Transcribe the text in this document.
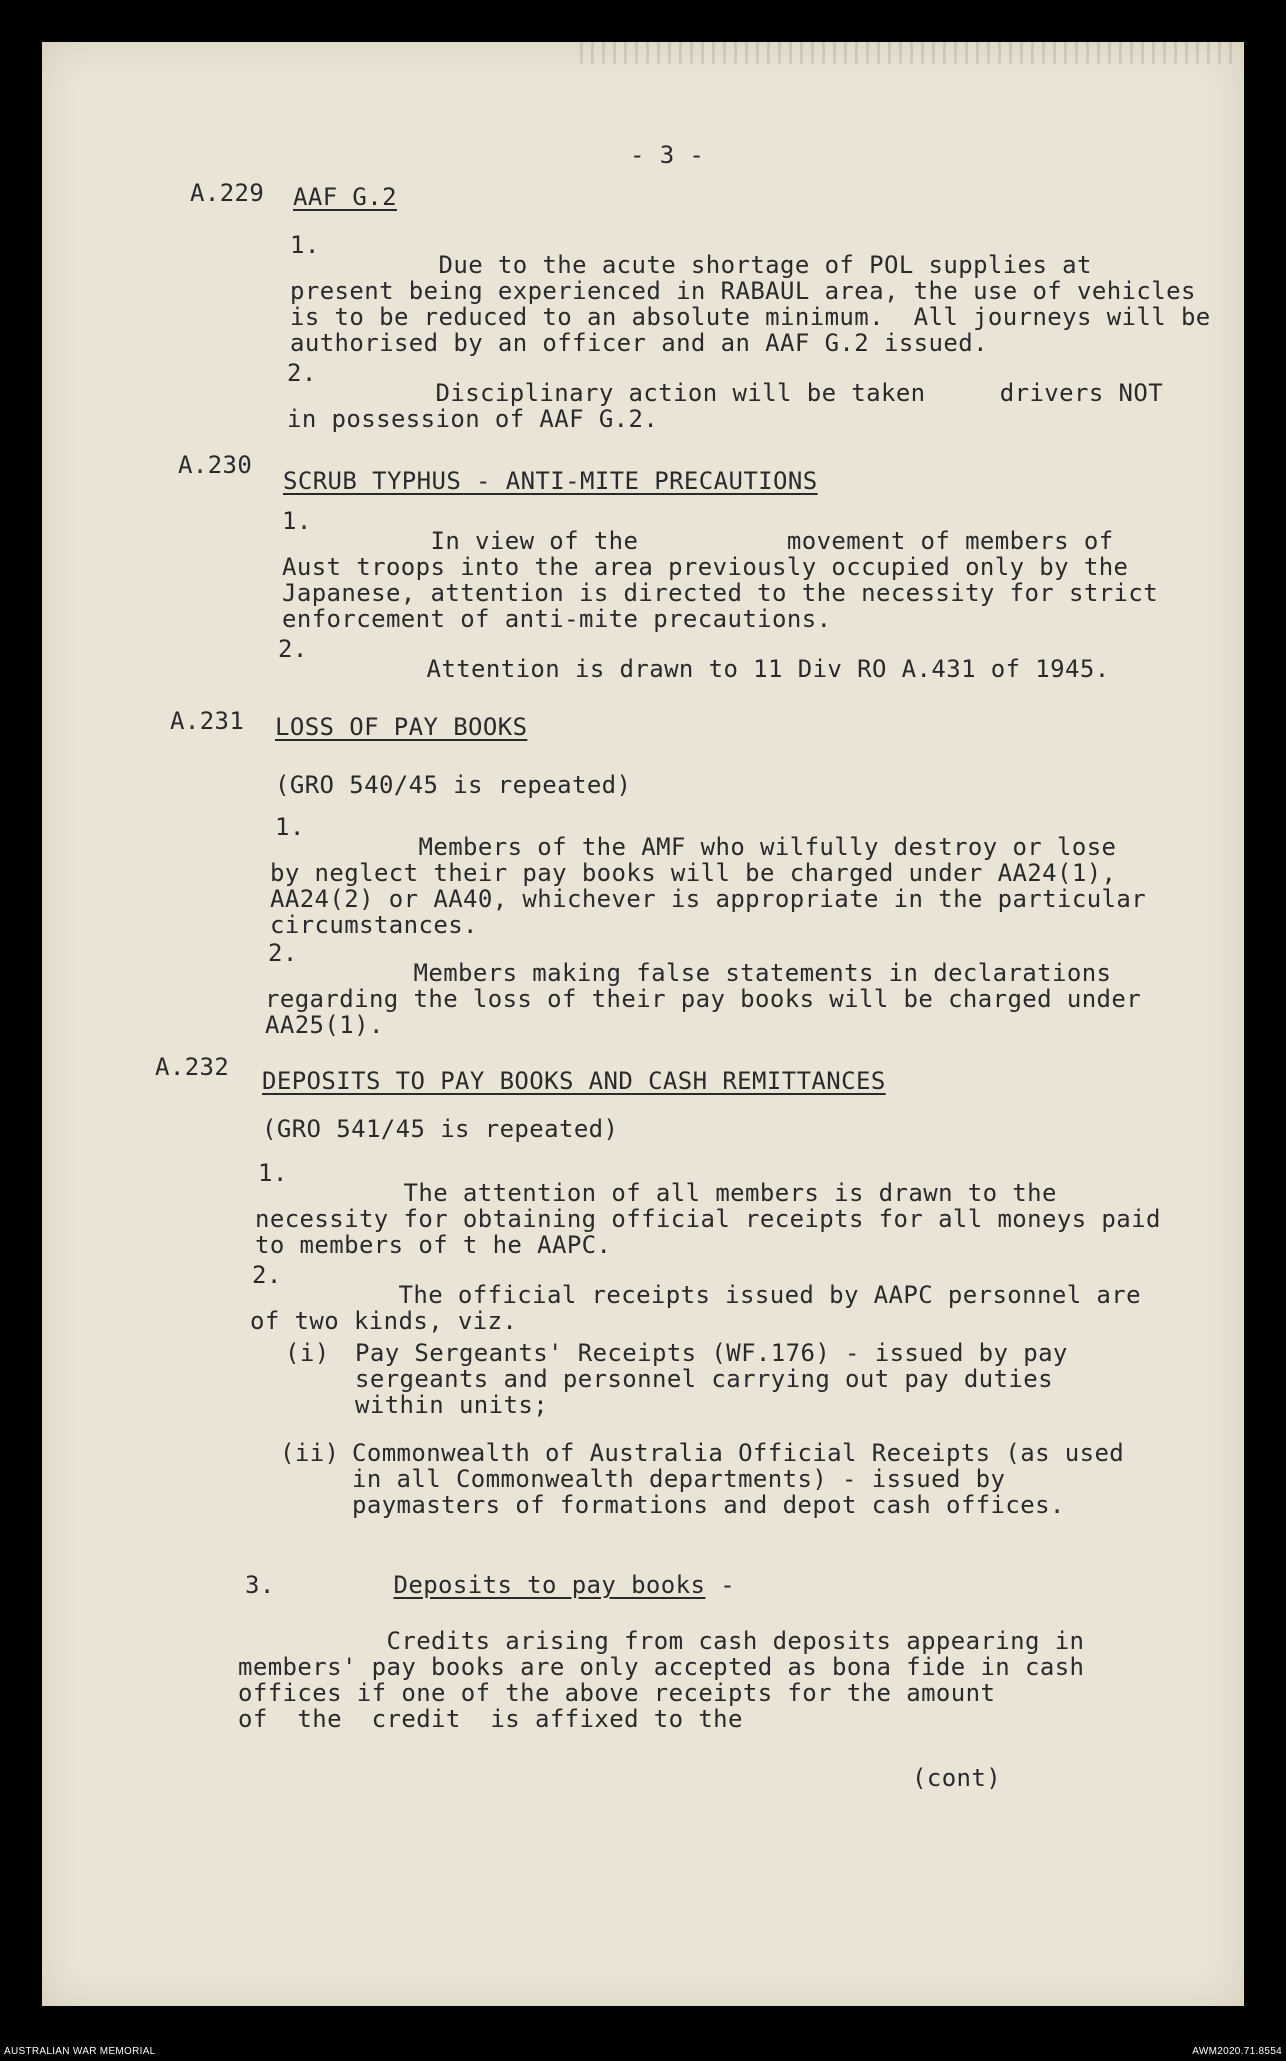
- 3 -
A.229 AAF G.2
1.
Due to the acute shortage of POL supplies at
present being experienced in RABAUL area, the use of vehicles
is to be reduced to an absolute minimum.  All journeys will be
authorised by an officer and an AAF G.2 issued.
2.
Disciplinary action will be taken     drivers NOT
in possession of AAF G.2.
A.230
SCRUB TYPHUS - ANTI-MITE PRECAUTIONS
1.
In view of the          movement of members of
Aust troops into the area previously occupied only by the
Japanese, attention is directed to the necessity for strict
enforcement of anti-mite precautions.
2.
Attention is drawn to 11 Div RO A.431 of 1945.
A.231 LOSS OF PAY BOOKS
(GRO 540/45 is repeated)
1.
Members of the AMF who wilfully destroy or lose
by neglect their pay books will be charged under AA24(1),
AA24(2) or AA40, whichever is appropriate in the particular
circumstances.
2.
Members making false statements in declarations
regarding the loss of their pay books will be charged under
AA25(1).
A.232 DEPOSITS TO PAY BOOKS AND CASH REMITTANCES
(GRO 541/45 is repeated)
1.
The attention of all members is drawn to the
necessity for obtaining official receipts for all moneys paid
to members of t he AAPC.
2.
The official receipts issued by AAPC personnel are
of two kinds, viz.
(i) Pay Sergeants' Receipts (WF.176) - issued by pay
sergeants and personnel carrying out pay duties
within units;
(ii) Commonwealth of Australia Official Receipts (as used
in all Commonwealth departments) - issued by
paymasters of formations and depot cash offices.
3.	Deposits to pay books -
Credits arising from cash deposits appearing in
members' pay books are only accepted as bona fide in cash
offices if one of the above receipts for the amount
of  the  credit  is affixed to the
(cont)
AUSTRALIAN WAR MEMORIAL	AWM2020.71.8554
